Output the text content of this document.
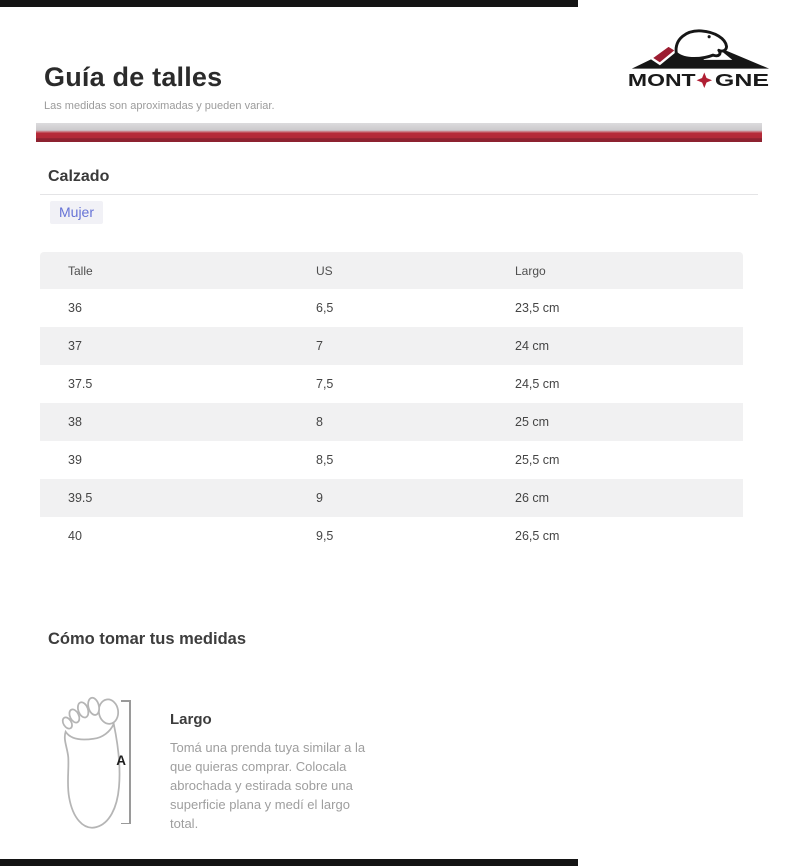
Guía de talles
Las medidas son aproximadas y pueden variar.
MONT GNE
Calzado
Mujer
Talle	US	Largo
36	6,5	23,5 cm
37	7	24 cm
37.5	7,5	24,5 cm
38	8	25 cm
39	8,5	25,5 cm
39.5	9	26 cm
40	9,5	26,5 cm
Cómo tomar tus medidas
A
Largo
Tomá una prenda tuya similar a la que quieras comprar. Colocala abrochada y estirada sobre una superficie plana y medí el largo total.
